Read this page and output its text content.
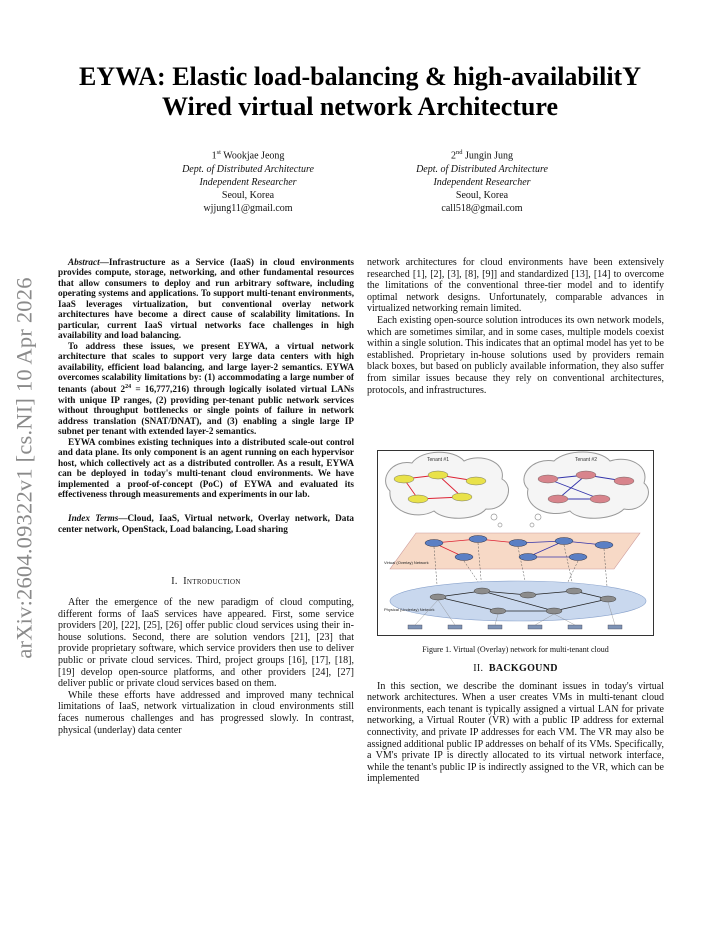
arXiv:2604.09322v1 [cs.NI] 10 Apr 2026
EYWA: Elastic load-balancing & high-availabilitY
Wired virtual network Architecture
1st Wookjae Jeong
Dept. of Distributed Architecture
Independent Researcher
Seoul, Korea
wjjung11@gmail.com
2nd Jungin Jung
Dept. of Distributed Architecture
Independent Researcher
Seoul, Korea
call518@gmail.com

Abstract—Infrastructure as a Service (IaaS) in cloud environments provides compute, storage, networking, and other fundamental resources that allow consumers to deploy and run arbitrary software, including operating systems and applications. To support multi-tenant environments, IaaS leverages virtualization, but conventional overlay network architectures have become a direct cause of scalability limitations. In particular, current IaaS virtual networks face challenges in high availability and load balancing.

To address these issues, we present EYWA, a virtual network architecture that scales to support very large data centers with high availability, efficient load balancing, and large layer-2 semantics. EYWA overcomes scalability limitations by: (1) accommodating a large number of tenants (about $2^{24} = 16,777,216$) through logically isolated virtual LANs with unique IP ranges, (2) providing per-tenant public network services without throughput bottlenecks or single points of failure in network address translation (SNAT/DNAT), and (3) enabling a single large IP subnet per tenant with extended layer-2 semantics.

EYWA combines existing techniques into a distributed scale-out control and data plane. Its only component is an agent running on each hypervisor host, which collectively act as a distributed controller. As a result, EYWA can be deployed in today's multi-tenant cloud environments. We have implemented a proof-of-concept (PoC) of EYWA and evaluated its effectiveness through measurements and experiments in our lab.

Index Terms—Cloud, IaaS, Virtual network, Overlay network, Data center network, OpenStack, Load balancing, Load sharing

I. Introduction

After the emergence of the new paradigm of cloud computing, different forms of IaaS services have appeared. First, some service providers [20], [22], [25], [26] offer public cloud services using their in-house solutions. Second, there are solution vendors [21], [23] that provide proprietary software, which service providers then use to deliver public or private cloud services. Third, project groups [16], [17], [18], [19] develop open-source platforms, and other providers [24], [27] deliver public or private cloud services based on them.

While these efforts have addressed and improved many technical limitations of IaaS, network virtualization in cloud environments still faces numerous challenges and has progressed slowly. In contrast, physical (underlay) data center

network architectures for cloud environments have been extensively researched [1], [2], [3], [8], [9]] and standardized [13], [14] to overcome the limitations of the conventional three-tier model and to identify optimal network designs. Unfortunately, comparable advances in virtualized networking remain limited.

Each existing open-source solution introduces its own network models, which are sometimes similar, and in some cases, multiple models coexist within a single solution. This indicates that an optimal model has yet to be established. Proprietary in-house solutions used by providers remain black boxes, but based on publicly available information, they also suffer from similar issues because they rely on conventional architectures, protocols, and infrastructures.

Tenant #1	Tenant #2
Virtual (Overlay) Network
Physical (Underlay) Network
Figure 1. Virtual (Overlay) network for multi-tenant cloud

II. BACKGOUND

In this section, we describe the dominant issues in today's virtual network architectures. When a user creates VMs in multi-tenant cloud environments, each tenant is typically assigned a virtual LAN for private networking, a Virtual Router (VR) with a public IP address for external connectivity, and private IP addresses for each VM. The VR may also be assigned additional public IP addresses on behalf of its VMs. Specifically, a VM's private IP is directly allocated to its virtual network interface, while the tenant's public IP is indirectly assigned to the VR, which can be implemented
